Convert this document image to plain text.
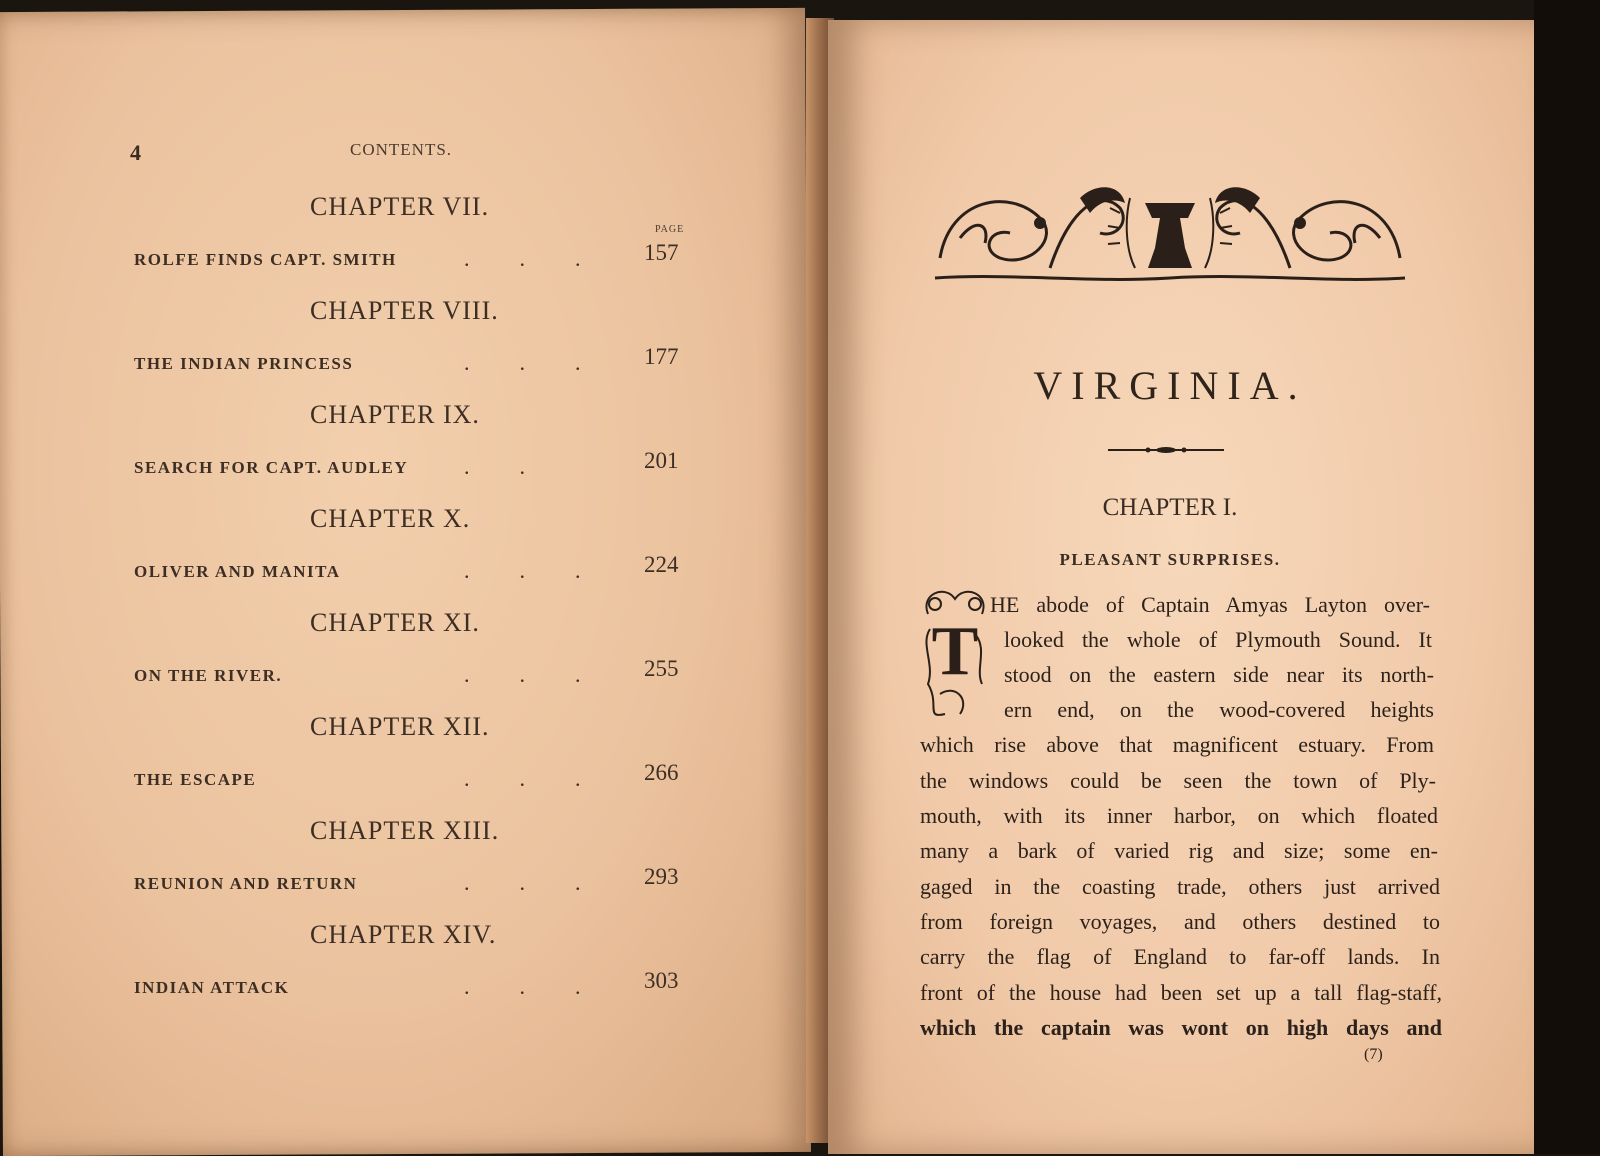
4	CONTENTS.
PAGE
CHAPTER VII.
ROLFE FINDS CAPT. SMITH	... 157
CHAPTER VIII.
THE INDIAN PRINCESS	... 177
CHAPTER IX.
SEARCH FOR CAPT. AUDLEY	..	201
CHAPTER X.
OLIVER AND MANITA	... 224
CHAPTER XI.
ON THE RIVER.	... 255
CHAPTER XII.
THE ESCAPE	... 266
CHAPTER XIII.
REUNION AND RETURN	... 293
CHAPTER XIV.
INDIAN ATTACK	... 303
VIRGINIA.
CHAPTER I.
PLEASANT SURPRISES.
T
HE abode of Captain Amyas Layton over-
looked the whole of Plymouth Sound. It
stood on the eastern side near its north-
ern end, on the wood-covered heights
which rise above that magnificent estuary. From
the windows could be seen the town of Ply-
mouth, with its inner harbor, on which floated
many a bark of varied rig and size; some en-
gaged in the coasting trade, others just arrived
from foreign voyages, and others destined to
carry the flag of England to far-off lands. In
front of the house had been set up a tall flag-staff,
which the captain was wont on high days and
(7)
